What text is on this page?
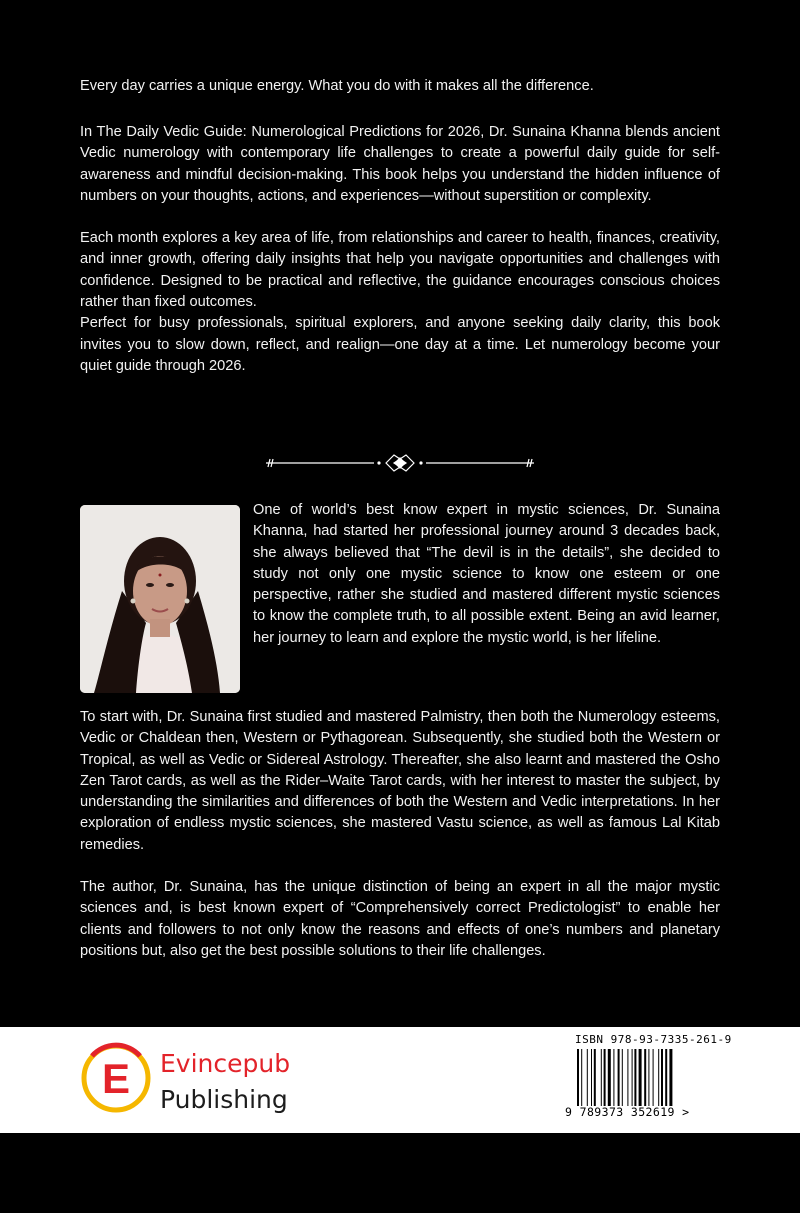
Every day carries a unique energy. What you do with it makes all the difference.

In The Daily Vedic Guide: Numerological Predictions for 2026, Dr. Sunaina Khanna blends ancient Vedic numerology with contemporary life challenges to create a powerful daily guide for self-awareness and mindful decision-making. This book helps you understand the hidden influence of numbers on your thoughts, actions, and experiences—without superstition or complexity.

Each month explores a key area of life, from relationships and career to health, finances, creativity, and inner growth, offering daily insights that help you navigate opportunities and challenges with confidence. Designed to be practical and reflective, the guidance encourages conscious choices rather than fixed outcomes.

Perfect for busy professionals, spiritual explorers, and anyone seeking daily clarity, this book invites you to slow down, reflect, and realign—one day at a time. Let numerology become your quiet guide through 2026.

One of world’s best know expert in mystic sciences, Dr. Sunaina Khanna, had started her professional journey around 3 decades back, she always believed that “The devil is in the details”, she decided to study not only one mystic science to know one esteem or one perspective, rather she studied and mastered different mystic sciences to know the complete truth, to all possible extent. Being an avid learner, her journey to learn and explore the mystic world, is her lifeline.

To start with, Dr. Sunaina first studied and mastered Palmistry, then both the Numerology esteems, Vedic or Chaldean then, Western or Pythagorean. Subsequently, she studied both the Western or Tropical, as well as Vedic or Sidereal Astrology. Thereafter, she also learnt and mastered the Osho Zen Tarot cards, as well as the Rider–Waite Tarot cards, with her interest to master the subject, by understanding the similarities and differences of both the Western and Vedic interpretations. In her exploration of endless mystic sciences, she mastered Vastu science, as well as famous Lal Kitab remedies.

The author, Dr. Sunaina, has the unique distinction of being an expert in all the major mystic sciences and, is best known expert of “Comprehensively correct Predictologist” to enable her clients and followers to not only know the reasons and effects of one’s numbers and planetary positions but, also get the best possible solutions to their life challenges.

E Evincepub
Publishing
ISBN 978-93-7335-261-9
9 789373 352619 >
